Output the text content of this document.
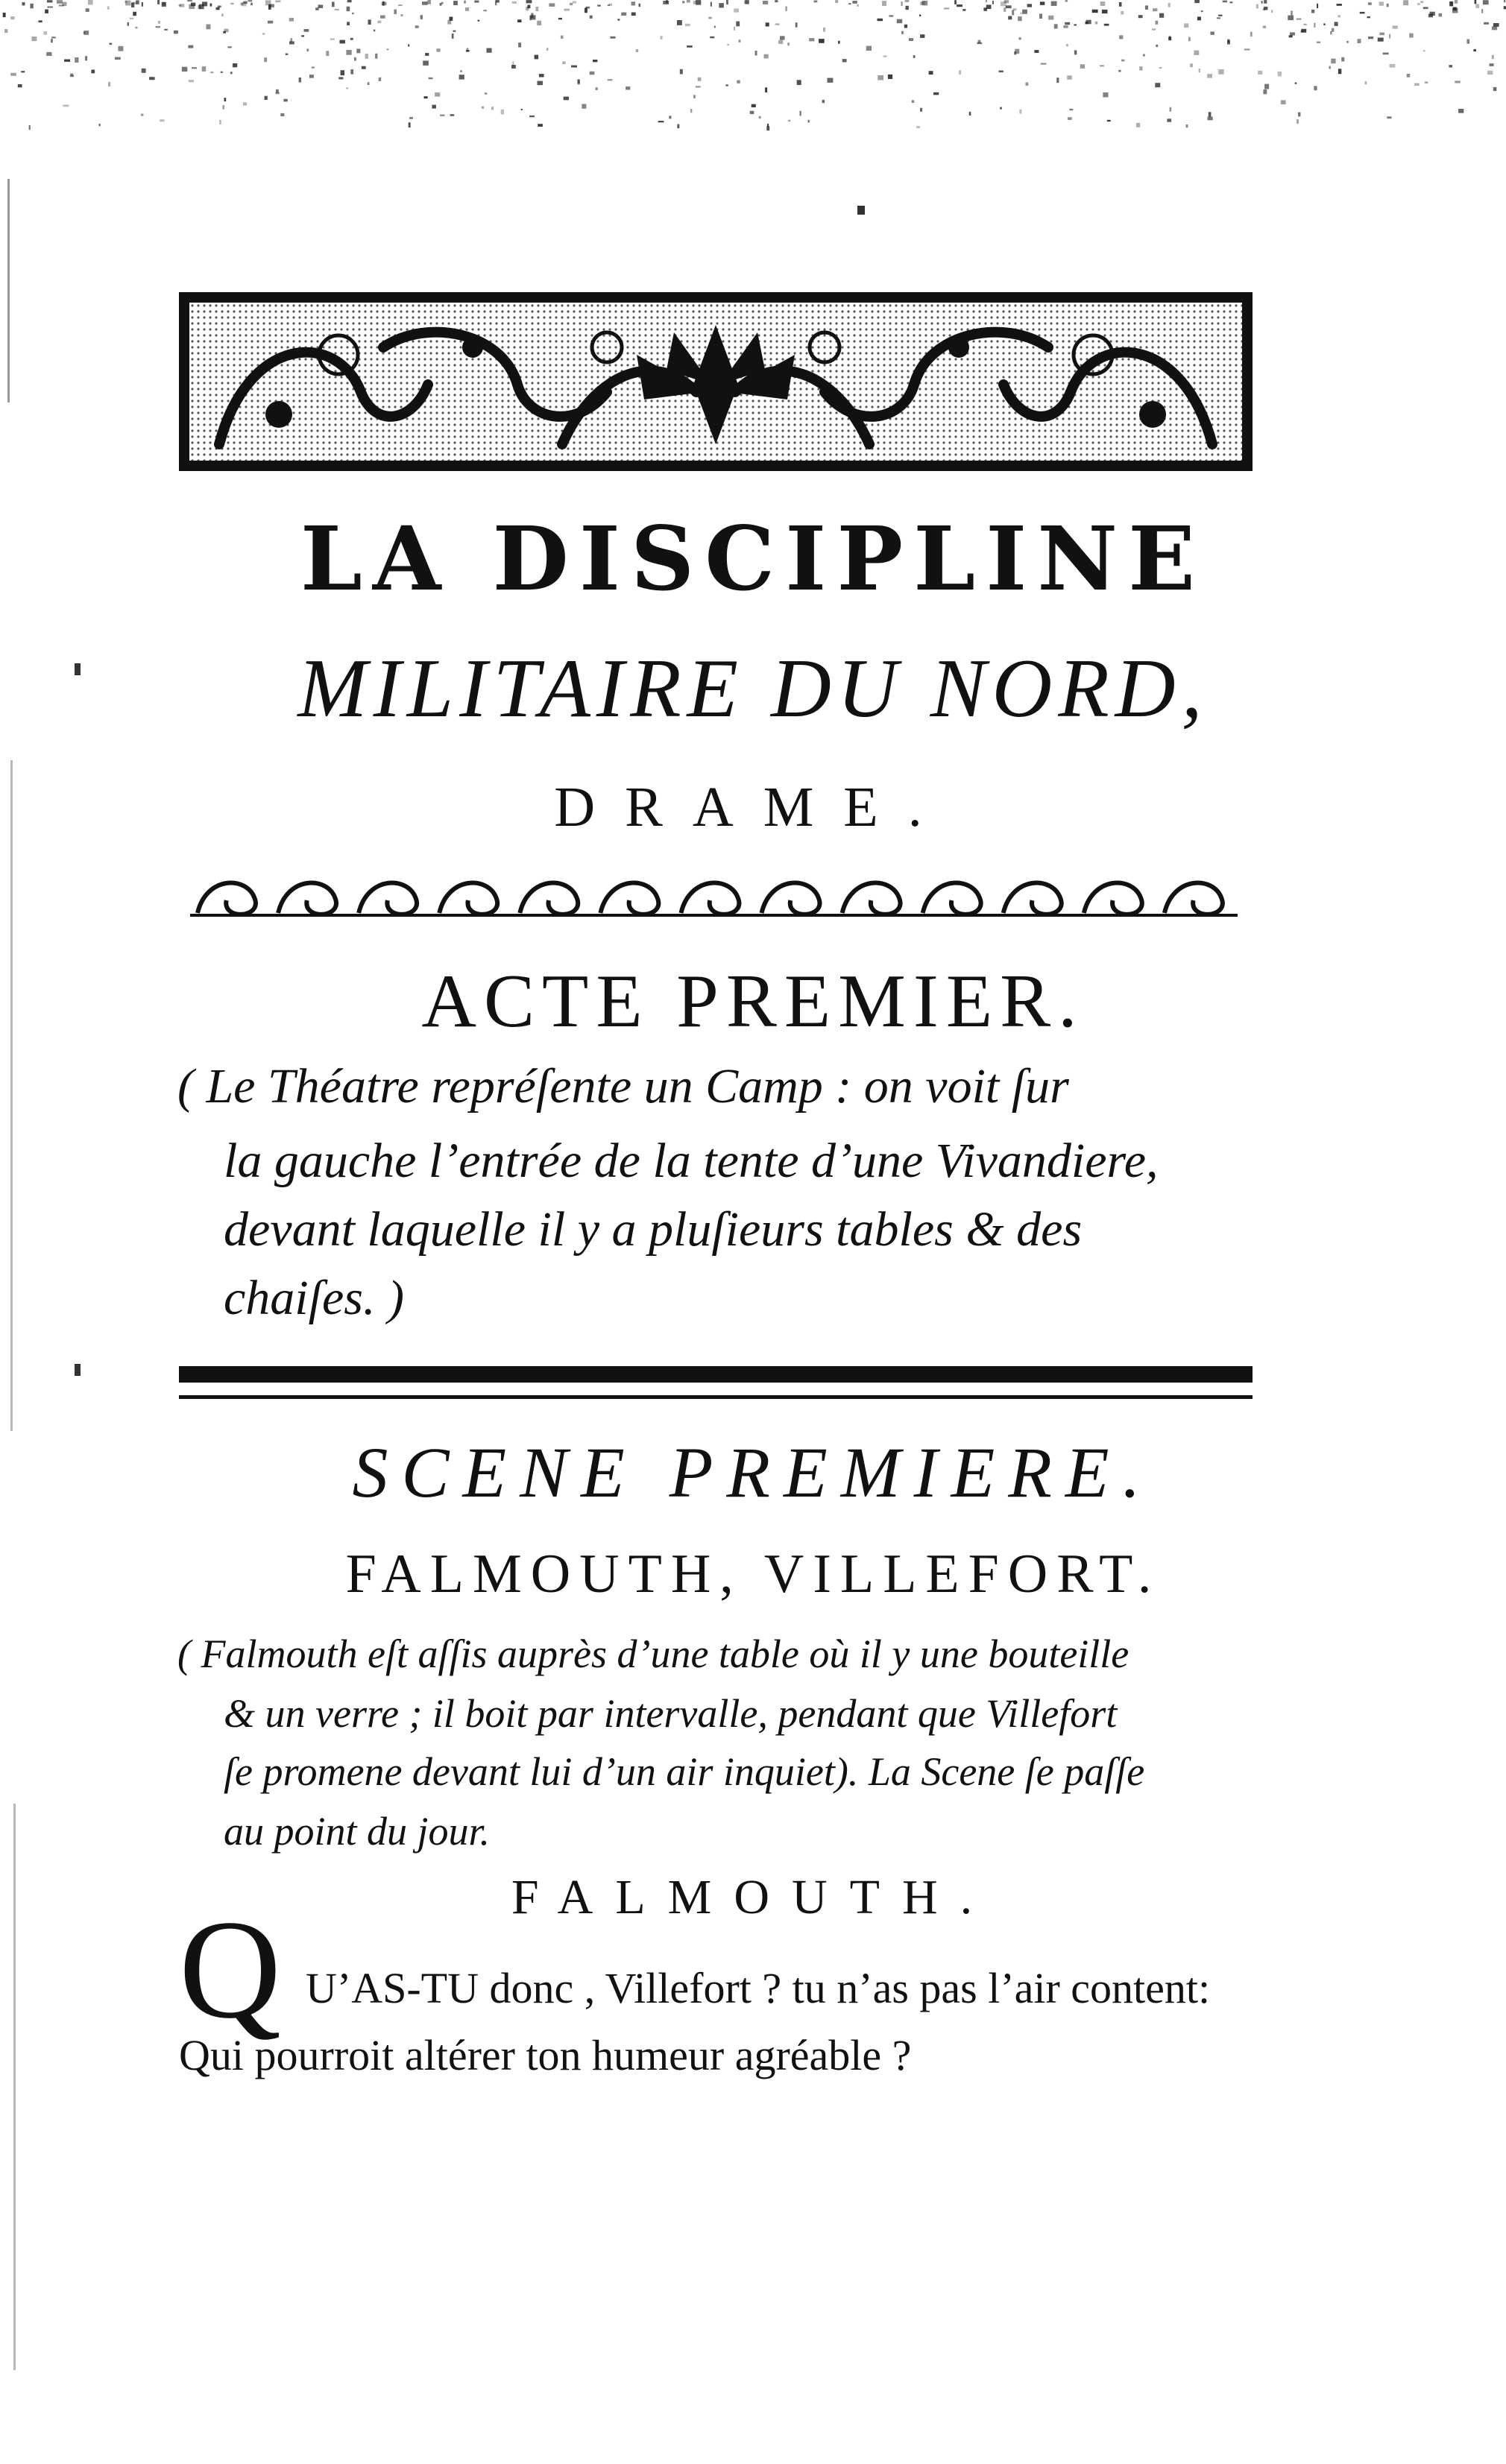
LA DISCIPLINE
MILITAIRE DU NORD,
DRAME.
ACTE PREMIER.
( Le Théatre repréſente un Camp : on voit ſur
la gauche l’entrée de la tente d’une Vivandiere,
devant laquelle il y a pluſieurs tables & des
chaiſes. )
SCENE PREMIERE.
FALMOUTH, VILLEFORT.
( Falmouth eſt aſſis auprès d’une table où il y une bouteille
& un verre ; il boit par intervalle, pendant que Villefort
ſe promene devant lui d’un air inquiet). La Scene ſe paſſe
au point du jour.
FALMOUTH.
Q U’AS-TU donc , Villefort ? tu n’as pas l’air content:
Qui pourroit altérer ton humeur agréable ?
